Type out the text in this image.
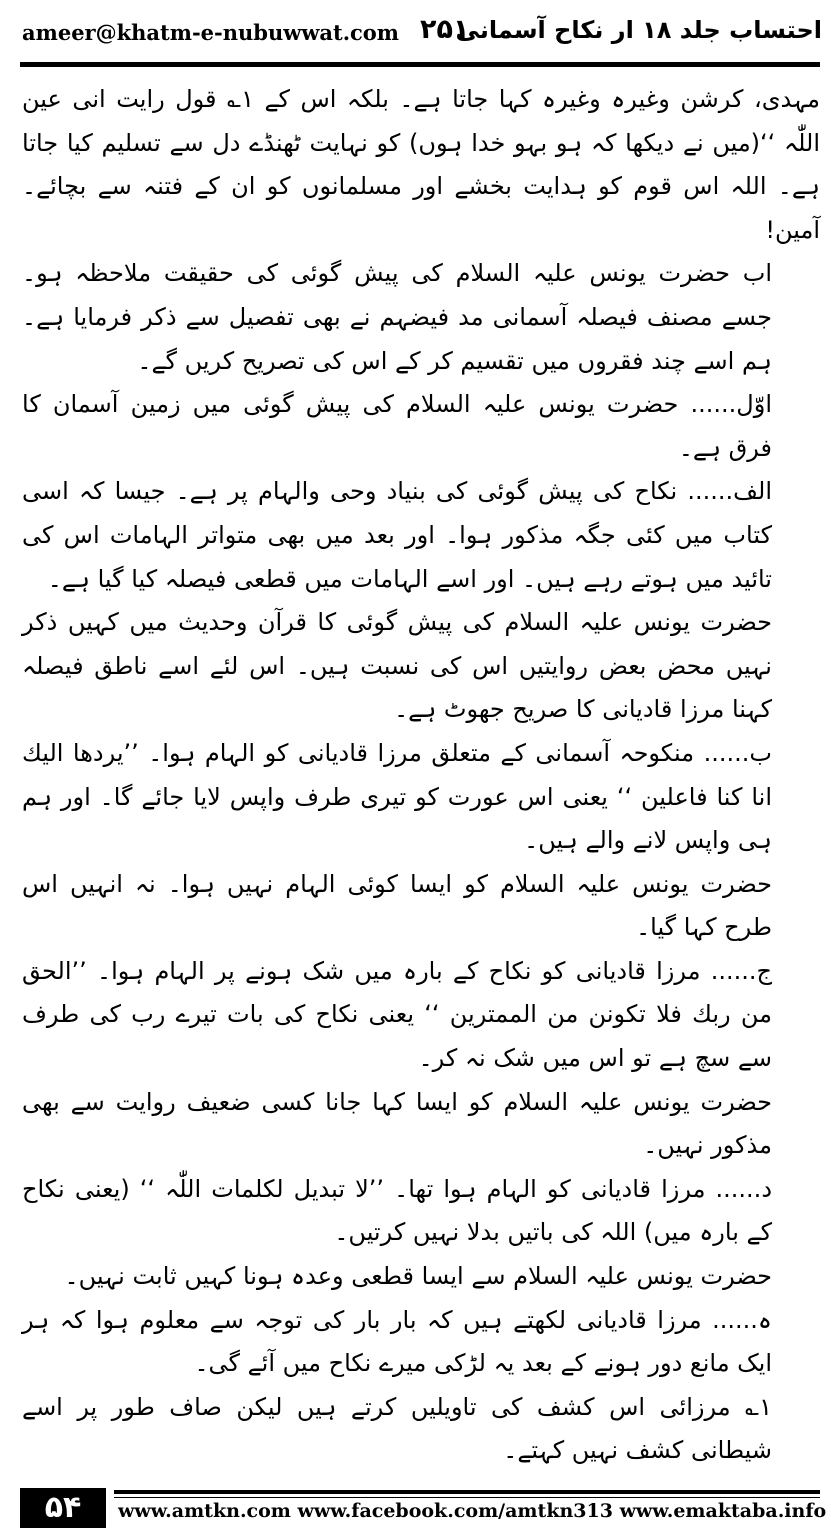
ameer@khatm-e-nubuwwat.com ۲۵۱
احتساب جلد ۱۸ ار نکاح آسمانی

مہدی، کرشن وغیرہ وغیرہ کہا جاتا ہے۔ بلکہ اس کے ۱؎ قول رایت انی عین اللّٰہ ‘‘(میں نے دیکھا کہ ہو بہو خدا ہوں) کو نہایت ٹھنڈے دل سے تسلیم کیا جاتا ہے۔ اللہ اس قوم کو ہدایت بخشے اور مسلمانوں کو ان کے فتنہ سے بچائے۔ آمین!

اب حضرت یونس علیہ السلام کی پیش گوئی کی حقیقت ملاحظہ ہو۔ جسے مصنف فیصلہ آسمانی مد فیضہم نے بھی تفصیل سے ذکر فرمایا ہے۔ ہم اسے چند فقروں میں تقسیم کر کے اس کی تصریح کریں گے۔

اوّل...... حضرت یونس علیہ السلام کی پیش گوئی میں زمین آسمان کا فرق ہے۔

الف...... نکاح کی پیش گوئی کی بنیاد وحی والہام پر ہے۔ جیسا کہ اسی کتاب میں کئی جگہ مذکور ہوا۔ اور بعد میں بھی متواتر الہامات اس کی تائید میں ہوتے رہے ہیں۔ اور اسے الہامات میں قطعی فیصلہ کیا گیا ہے۔

حضرت یونس علیہ السلام کی پیش گوئی کا قرآن وحدیث میں کہیں ذکر نہیں محض بعض روایتیں اس کی نسبت ہیں۔ اس لئے اسے ناطق فیصلہ کہنا مرزا قادیانی کا صریح جھوٹ ہے۔

ب...... منکوحہ آسمانی کے متعلق مرزا قادیانی کو الہام ہوا۔ ’’یردھا الیك انا کنا فاعلین ‘‘ یعنی اس عورت کو تیری طرف واپس لایا جائے گا۔ اور ہم ہی واپس لانے والے ہیں۔

حضرت یونس علیہ السلام کو ایسا کوئی الہام نہیں ہوا۔ نہ انہیں اس طرح کہا گیا۔

ج...... مرزا قادیانی کو نکاح کے بارہ میں شک ہونے پر الہام ہوا۔ ’’الحق من ربك فلا تکونن من الممترین ‘‘ یعنی نکاح کی بات تیرے رب کی طرف سے سچ ہے تو اس میں شک نہ کر۔

حضرت یونس علیہ السلام کو ایسا کہا جانا کسی ضعیف روایت سے بھی مذکور نہیں۔

د...... مرزا قادیانی کو الہام ہوا تھا۔ ’’لا تبدیل لکلمات اللّٰہ ‘‘ (یعنی نکاح کے بارہ میں) اللہ کی باتیں بدلا نہیں کرتیں۔

حضرت یونس علیہ السلام سے ایسا قطعی وعدہ ہونا کہیں ثابت نہیں۔

ہ...... مرزا قادیانی لکھتے ہیں کہ بار بار کی توجہ سے معلوم ہوا کہ ہر ایک مانع دور ہونے کے بعد یہ لڑکی میرے نکاح میں آئے گی۔

۱؎ مرزائی اس کشف کی تاویلیں کرتے ہیں لیکن صاف طور پر اسے شیطانی کشف نہیں کہتے۔

۵۴	www.amtkn.com www.facebook.com/amtkn313 www.emaktaba.info
